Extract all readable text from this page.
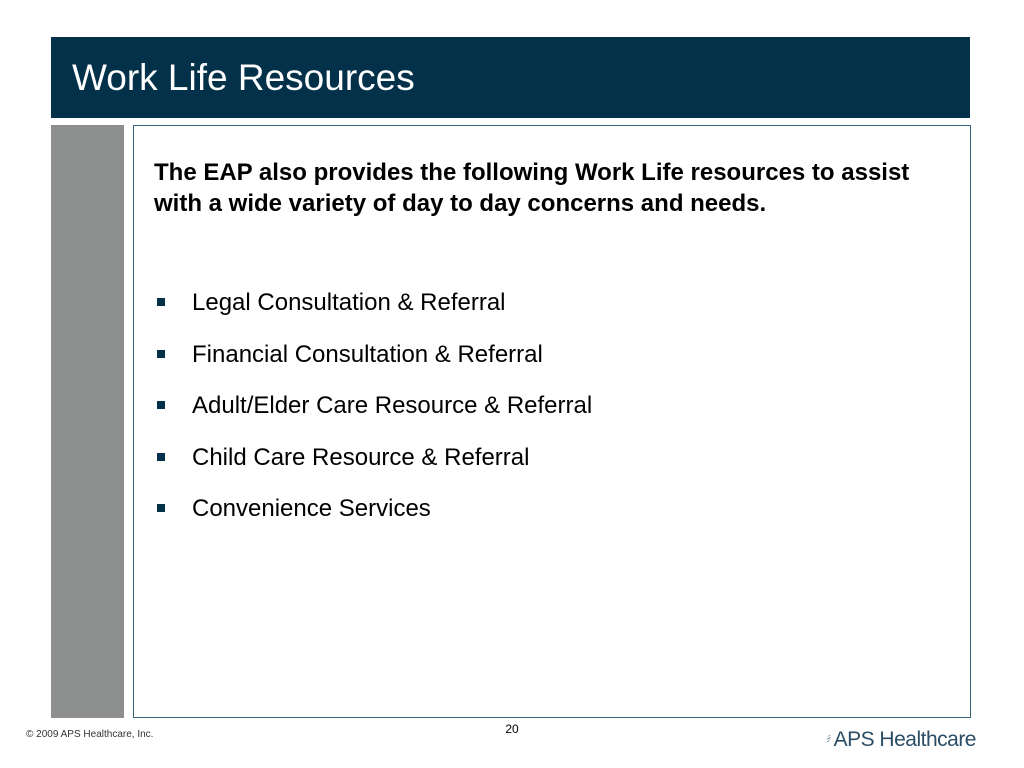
Work Life Resources
The EAP also provides the following Work Life resources to assist with a wide variety of day to day concerns and needs.
Legal Consultation & Referral
Financial Consultation & Referral
Adult/Elder Care Resource & Referral
Child Care Resource & Referral
Convenience Services
20
© 2009 APS Healthcare, Inc.	APS Healthcare
